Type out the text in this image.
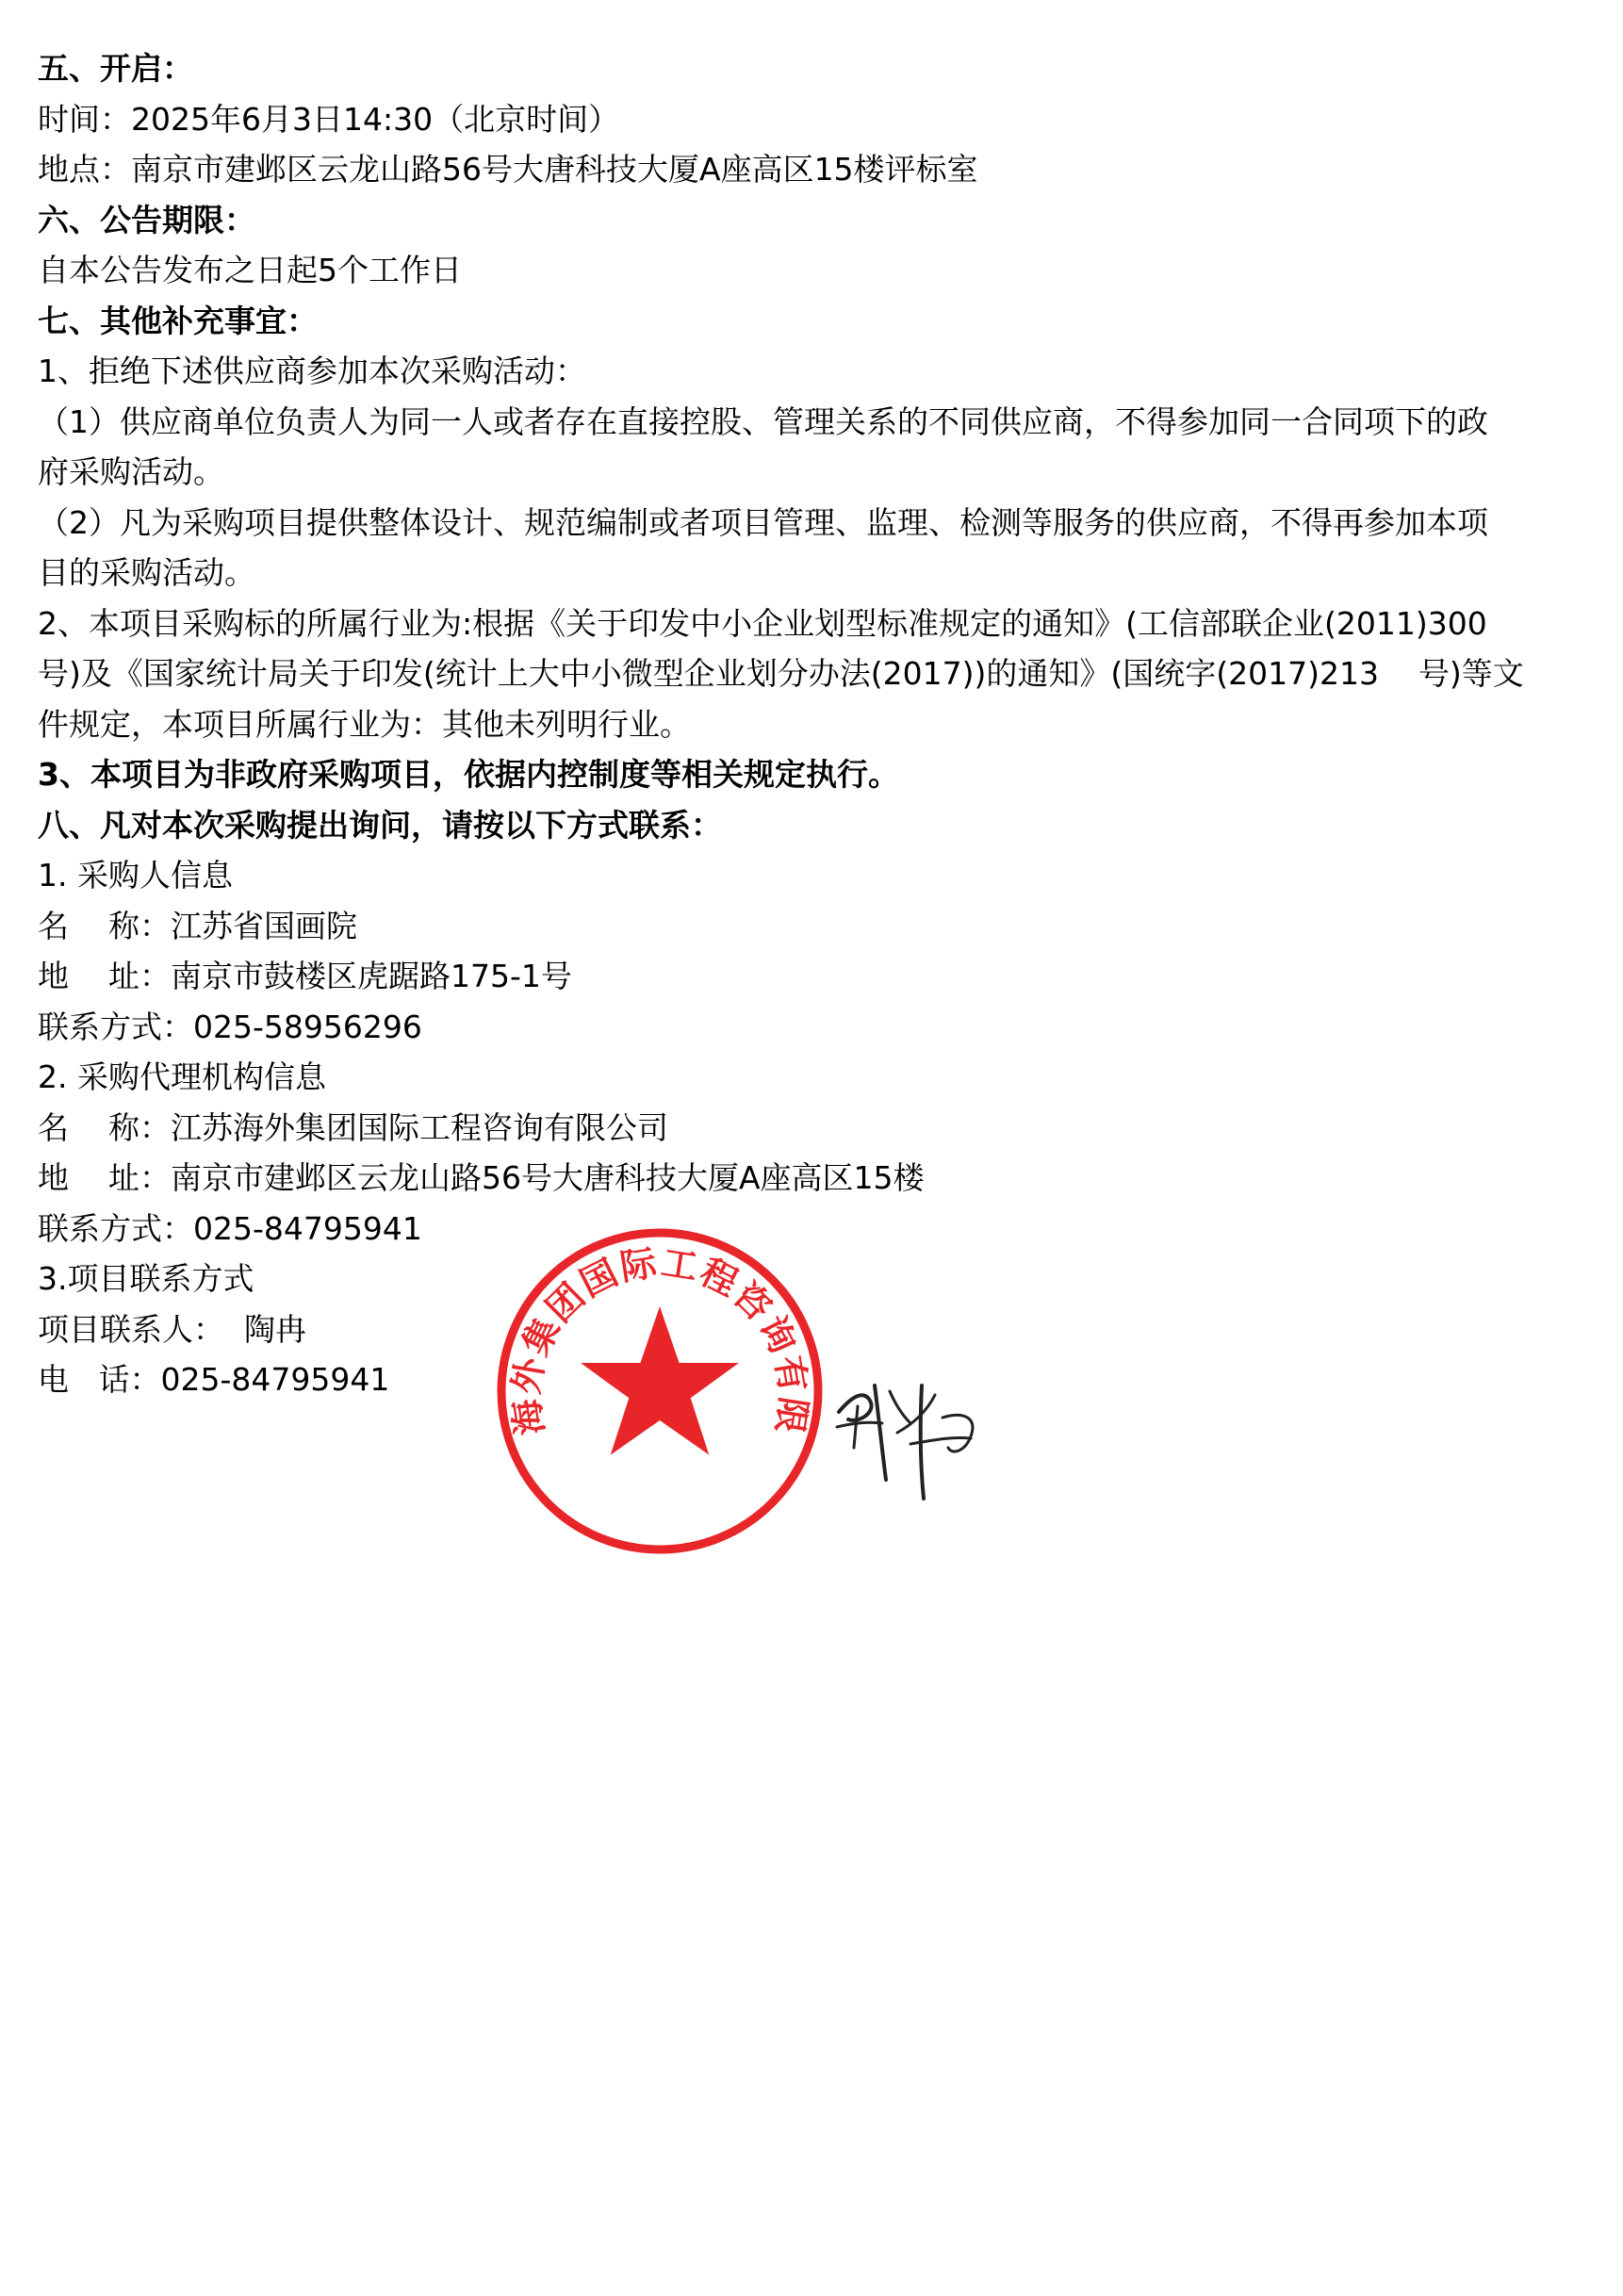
五、开启：

时间：2025年6月3日14:30（北京时间）

地点：南京市建邺区云龙山路56号大唐科技大厦A座高区15楼评标室

六、公告期限：

自本公告发布之日起5个工作日

七、其他补充事宜：

1、拒绝下述供应商参加本次采购活动：

（1）供应商单位负责人为同一人或者存在直接控股、管理关系的不同供应商，不得参加同一合同项下的政

府采购活动。

（2）凡为采购项目提供整体设计、规范编制或者项目管理、监理、检测等服务的供应商，不得再参加本项

目的采购活动。

2、本项目采购标的所属行业为:根据《关于印发中小企业划型标准规定的通知》(工信部联企业(2011)300

号)及《国家统计局关于印发(统计上大中小微型企业划分办法(2017))的通知》(国统字(2017)213    号)等文

件规定，本项目所属行业为：其他未列明行业。

3、本项目为非政府采购项目，依据内控制度等相关规定执行。

八、凡对本次采购提出询问，请按以下方式联系：

1. 采购人信息

名    称：江苏省国画院

地    址：南京市鼓楼区虎踞路175-1号

联系方式：025-58956296

2. 采购代理机构信息

名    称：江苏海外集团国际工程咨询有限公司

地    址：南京市建邺区云龙山路56号大唐科技大厦A座高区15楼

联系方式：025-84795941

3.项目联系方式

项目联系人：  陶冉

电   话：025-84795941

海外集团国际工程咨询有限
